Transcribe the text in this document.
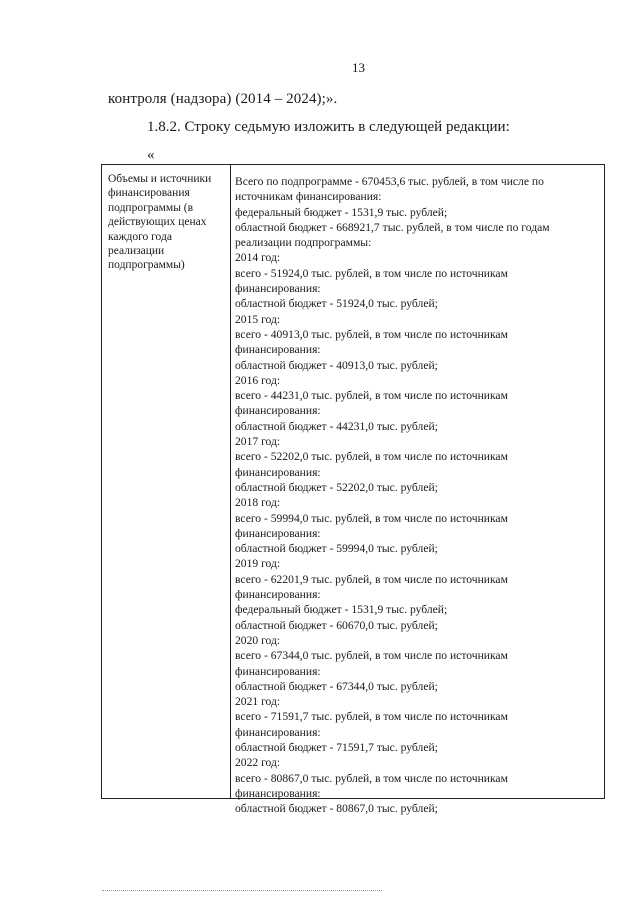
13
контроля (надзора) (2014 – 2024);».
1.8.2. Строку седьмую изложить в следующей редакции:
«
Объемы и источники
финансирования
подпрограммы (в
действующих ценах
каждого года
реализации
подпрограммы)
Всего по подпрограмме - 670453,6 тыс. рублей, в том числе по
источникам финансирования:
федеральный бюджет - 1531,9 тыс. рублей;
областной бюджет - 668921,7 тыс. рублей, в том числе по годам
реализации подпрограммы:
2014 год:
всего - 51924,0 тыс. рублей, в том числе по источникам
финансирования:
областной бюджет - 51924,0 тыс. рублей;
2015 год:
всего - 40913,0 тыс. рублей, в том числе по источникам
финансирования:
областной бюджет - 40913,0 тыс. рублей;
2016 год:
всего - 44231,0 тыс. рублей, в том числе по источникам
финансирования:
областной бюджет - 44231,0 тыс. рублей;
2017 год:
всего - 52202,0 тыс. рублей, в том числе по источникам
финансирования:
областной бюджет - 52202,0 тыс. рублей;
2018 год:
всего - 59994,0 тыс. рублей, в том числе по источникам
финансирования:
областной бюджет - 59994,0 тыс. рублей;
2019 год:
всего - 62201,9 тыс. рублей, в том числе по источникам
финансирования:
федеральный бюджет - 1531,9 тыс. рублей;
областной бюджет - 60670,0 тыс. рублей;
2020 год:
всего - 67344,0 тыс. рублей, в том числе по источникам
финансирования:
областной бюджет - 67344,0 тыс. рублей;
2021 год:
всего - 71591,7 тыс. рублей, в том числе по источникам
финансирования:
областной бюджет - 71591,7 тыс. рублей;
2022 год:
всего - 80867,0 тыс. рублей, в том числе по источникам
финансирования:
областной бюджет - 80867,0 тыс. рублей;
